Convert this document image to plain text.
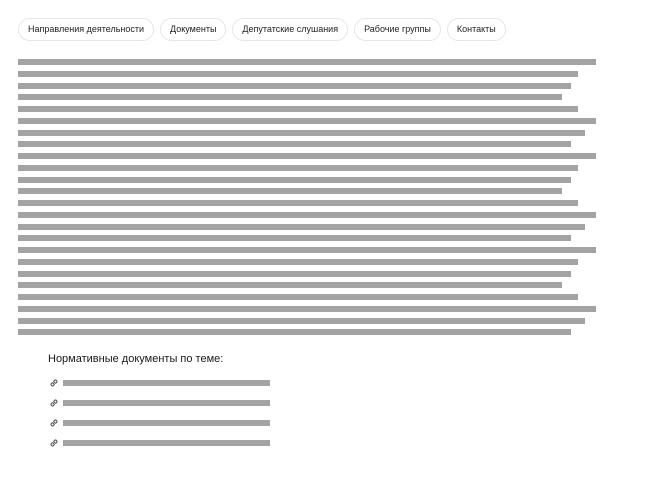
Направления деятельности	Документы	Депутатские слушания	Рабочие группы	Контакты
Нормативные документы по теме:
